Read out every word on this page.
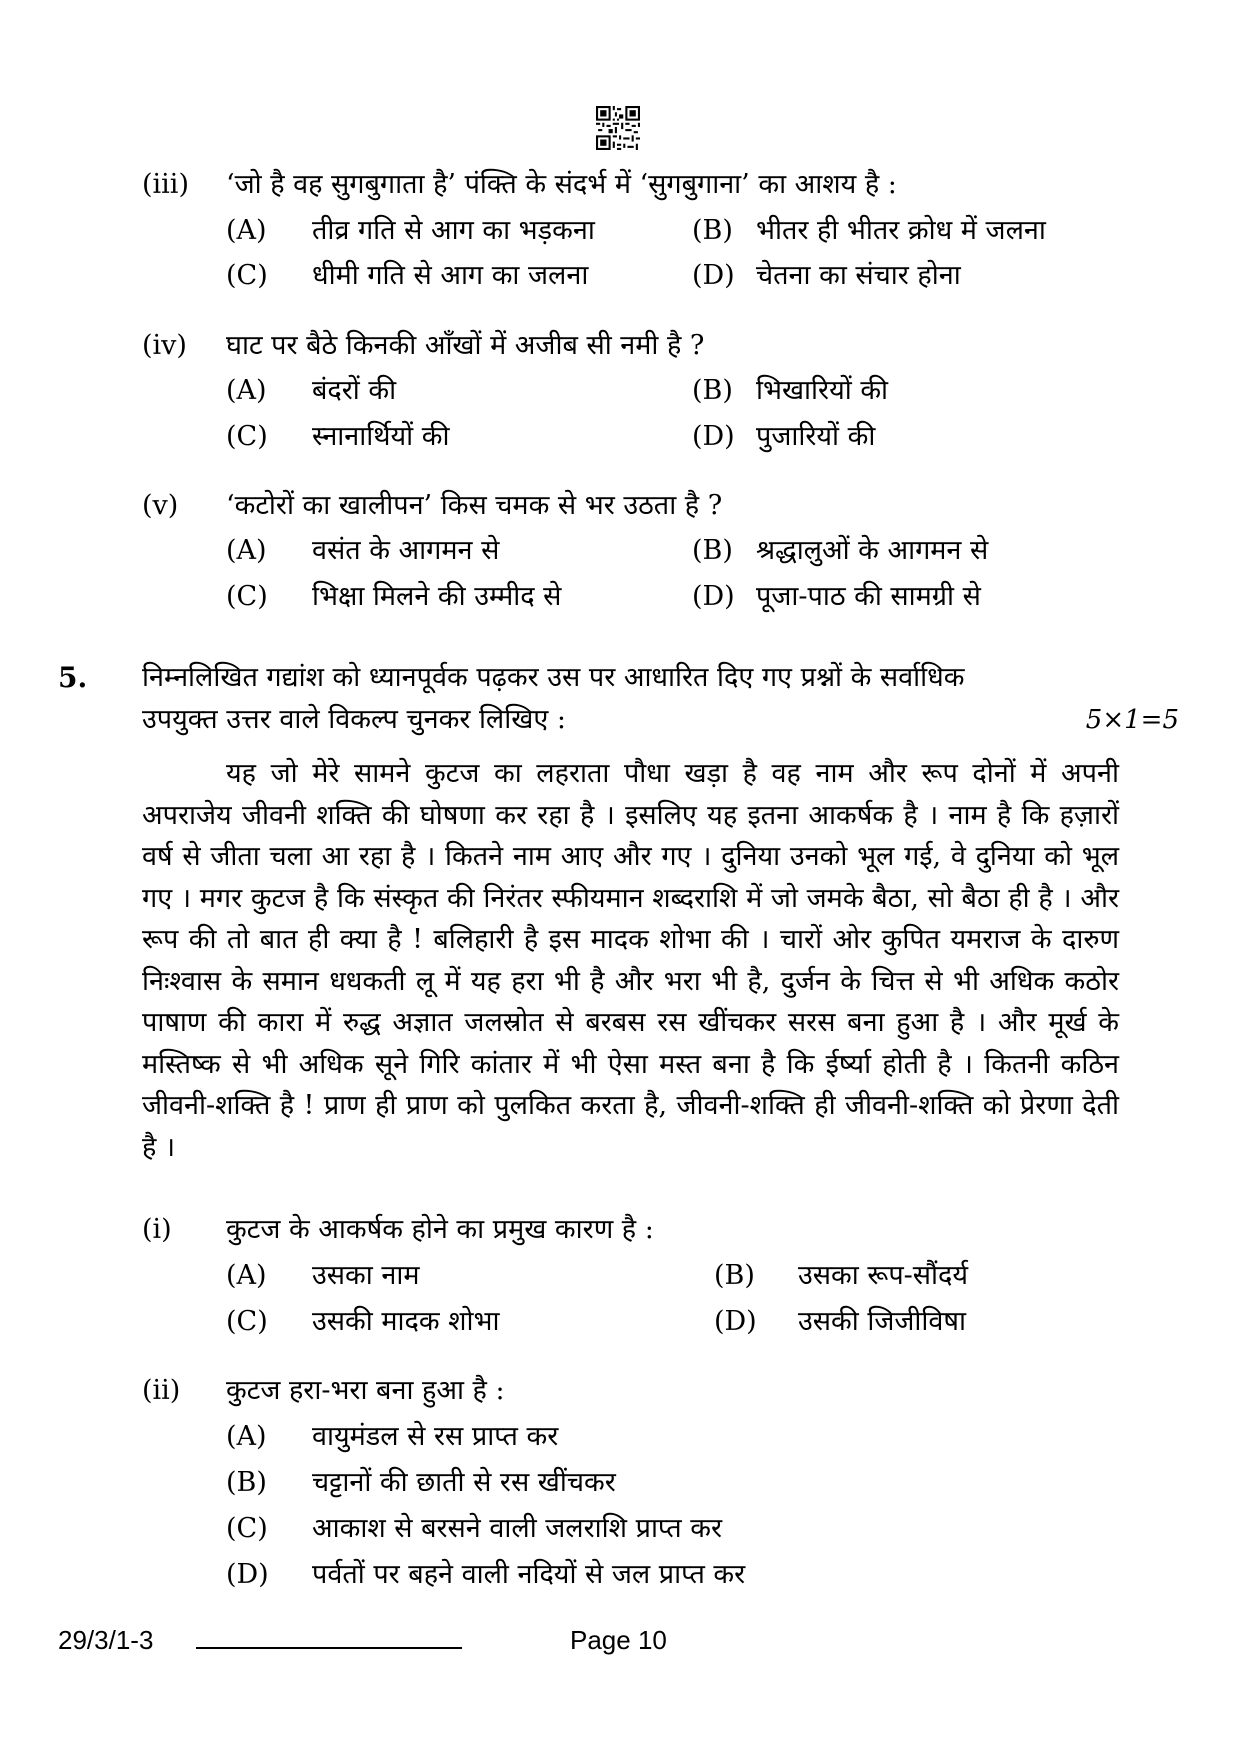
(iii) ‘जो है वह सुगबुगाता है’ पंक्ति के संदर्भ में ‘सुगबुगाना’ का आशय है :
(A) तीव्र गति से आग का भड़कना	(B) भीतर ही भीतर क्रोध में जलना
(C) धीमी गति से आग का जलना	(D) चेतना का संचार होना
(iv) घाट पर बैठे किनकी आँखों में अजीब सी नमी है ?
(A) बंदरों की	(B) भिखारियों की
(C) स्नानार्थियों की	(D) पुजारियों की
(v) ‘कटोरों का खालीपन’ किस चमक से भर उठता है ?
(A) वसंत के आगमन से	(B) श्रद्धालुओं के आगमन से
(C) भिक्षा मिलने की उम्मीद से	(D) पूजा-पाठ की सामग्री से
5. निम्नलिखित गद्यांश को ध्यानपूर्वक पढ़कर उस पर आधारित दिए गए प्रश्नों के सर्वाधिक
उपयुक्त उत्तर वाले विकल्प चुनकर लिखिए :	5×1=5

यह जो मेरे सामने कुटज का लहराता पौधा खड़ा है वह नाम और रूप दोनों में अपनी अपराजेय जीवनी शक्ति की घोषणा कर रहा है । इसलिए यह इतना आकर्षक है । नाम है कि हज़ारों वर्ष से जीता चला आ रहा है । कितने नाम आए और गए । दुनिया उनको भूल गई, वे दुनिया को भूल गए । मगर कुटज है कि संस्कृत की निरंतर स्फीयमान शब्दराशि में जो जमके बैठा, सो बैठा ही है । और रूप की तो बात ही क्या है ! बलिहारी है इस मादक शोभा की । चारों ओर कुपित यमराज के दारुण निःश्वास के समान धधकती लू में यह हरा भी है और भरा भी है, दुर्जन के चित्त से भी अधिक कठोर पाषाण की कारा में रुद्ध अज्ञात जलस्रोत से बरबस रस खींचकर सरस बना हुआ है । और मूर्ख के मस्तिष्क से भी अधिक सूने गिरि कांतार में भी ऐसा मस्त बना है कि ईर्ष्या होती है । कितनी कठिन जीवनी-शक्ति है ! प्राण ही प्राण को पुलकित करता है, जीवनी-शक्ति ही जीवनी-शक्ति को प्रेरणा देती है ।

(i) कुटज के आकर्षक होने का प्रमुख कारण है :
(A) उसका नाम	(B) उसका रूप-सौंदर्य
(C) उसकी मादक शोभा	(D) उसकी जिजीविषा
(ii) कुटज हरा-भरा बना हुआ है :
(A) वायुमंडल से रस प्राप्त कर
(B) चट्टानों की छाती से रस खींचकर
(C) आकाश से बरसने वाली जलराशि प्राप्त कर
(D) पर्वतों पर बहने वाली नदियों से जल प्राप्त कर
29/3/1-3	Page 10
